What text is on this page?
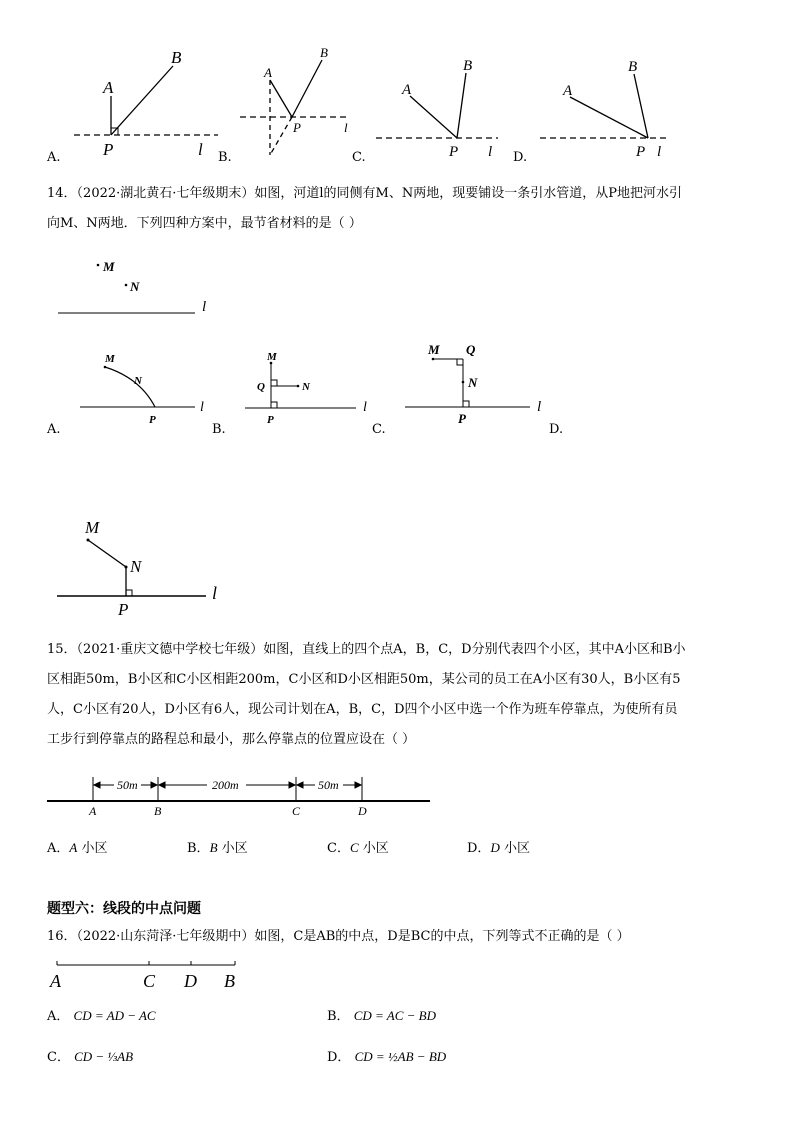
A
B
P	l
A
B
P	l
A
B
P l
A
B
P l
A.	B.	C.	D.
14．（2022·湖北黄石·七年级期末）如图，河道l的同侧有M、N两地，现要铺设一条引水管道，从P地把河水引
向M、N两地．下列四种方案中，最节省材料的是（ ）
M
N
l
M
N
P
l
M
Q	N
P
l
M Q
N
P
l
M
N
P
l
A.	B.	C.	D.
15．（2021·重庆文德中学校七年级）如图，直线上的四个点A，B，C，D分别代表四个小区，其中A小区和B小
区相距50m，B小区和C小区相距200m，C小区和D小区相距50m，某公司的员工在A小区有30人，B小区有5
人，C小区有20人，D小区有6人，现公司计划在A，B，C，D四个小区中选一个作为班车停靠点，为使所有员
工步行到停靠点的路程总和最小，那么停靠点的位置应设在（ ）
50m	200m	50m
A	B	C	D
A．A 小区	B．B 小区	C．C 小区	D．D 小区
题型六：线段的中点问题
16．（2022·山东菏泽·七年级期中）如图，C是AB的中点，D是BC的中点，下列等式不正确的是（ ）
A	C D B
A． CD = AD − AC	B． CD = AC − BD
C． CD − ⅓AB	D． CD = ½AB − BD
